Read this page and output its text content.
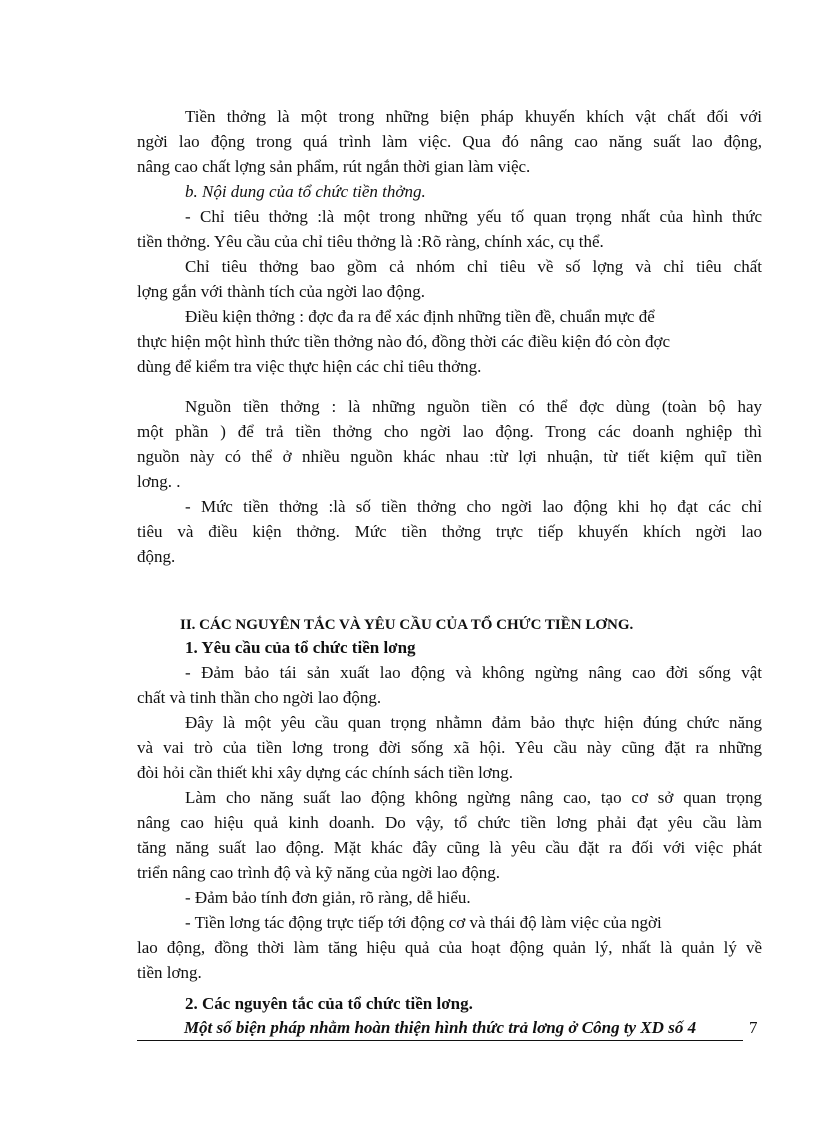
Tiền thởng là một trong những biện pháp khuyến khích vật chất đối với
ngời lao động trong quá trình làm việc. Qua đó nâng cao năng suất lao động,
nâng cao chất lợng sản phẩm, rút ngắn thời gian làm việc.
b. Nội dung của tổ chức tiền thởng.
- Chỉ tiêu thởng :là một trong những yếu tố quan trọng nhất của hình thức
tiền thởng. Yêu cầu của chỉ tiêu thởng là :Rõ ràng, chính xác, cụ thể.
Chỉ tiêu thởng bao gồm cả nhóm chỉ tiêu về số lợng và chỉ tiêu chất
lợng gắn với thành tích của ngời lao động.
Điều kiện thởng : đợc đa ra để xác định những tiền đề, chuẩn mực để
thực hiện một hình thức tiền thởng nào đó, đồng thời các điều kiện đó còn đợc
dùng để kiểm tra việc thực hiện các chỉ tiêu thởng.
Nguồn tiền thởng : là những nguồn tiền có thể đợc dùng (toàn bộ hay
một phần ) để trả tiền thởng cho ngời lao động. Trong các doanh nghiệp thì
nguồn này có thể ở nhiều nguồn khác nhau :từ lợi nhuận, từ tiết kiệm quĩ tiền
lơng. .
- Mức tiền thởng :là số tiền thởng cho ngời lao động khi họ đạt các chỉ
tiêu và điều kiện thởng. Mức tiền thởng trực tiếp khuyến khích ngời lao
động.
II. CÁC NGUYÊN TẮC VÀ YÊU CẦU CỦA TỔ CHỨC TIỀN LƠNG.
1. Yêu cầu của tổ chức tiền lơng
- Đảm bảo tái sản xuất lao động và không ngừng nâng cao đời sống vật
chất và tinh thần cho ngời lao động.
Đây là một yêu cầu quan trọng nhằmn đảm bảo thực hiện đúng chức năng
và vai trò của tiền lơng trong đời sống xã hội. Yêu cầu này cũng đặt ra những
đòi hỏi cần thiết khi xây dựng các chính sách tiền lơng.
Làm cho năng suất lao động không ngừng nâng cao, tạo cơ sở quan trọng
nâng cao hiệu quả kinh doanh. Do vậy, tổ chức tiền lơng phải đạt yêu cầu làm
tăng năng suất lao động. Mặt khác đây cũng là yêu cầu đặt ra đối với việc phát
triển nâng cao trình độ và kỹ năng của ngời lao động.
- Đảm bảo tính đơn giản, rõ ràng, dễ hiểu.
- Tiền lơng tác động trực tiếp tới động cơ và thái độ làm việc của ngời
lao động, đồng thời làm tăng hiệu quả của hoạt động quản lý, nhất là quản lý về
tiền lơng.
2. Các nguyên tắc của tổ chức tiền lơng.
Một số biện pháp nhằm hoàn thiện hình thức trả lơng ở Công ty XD số 4	7
